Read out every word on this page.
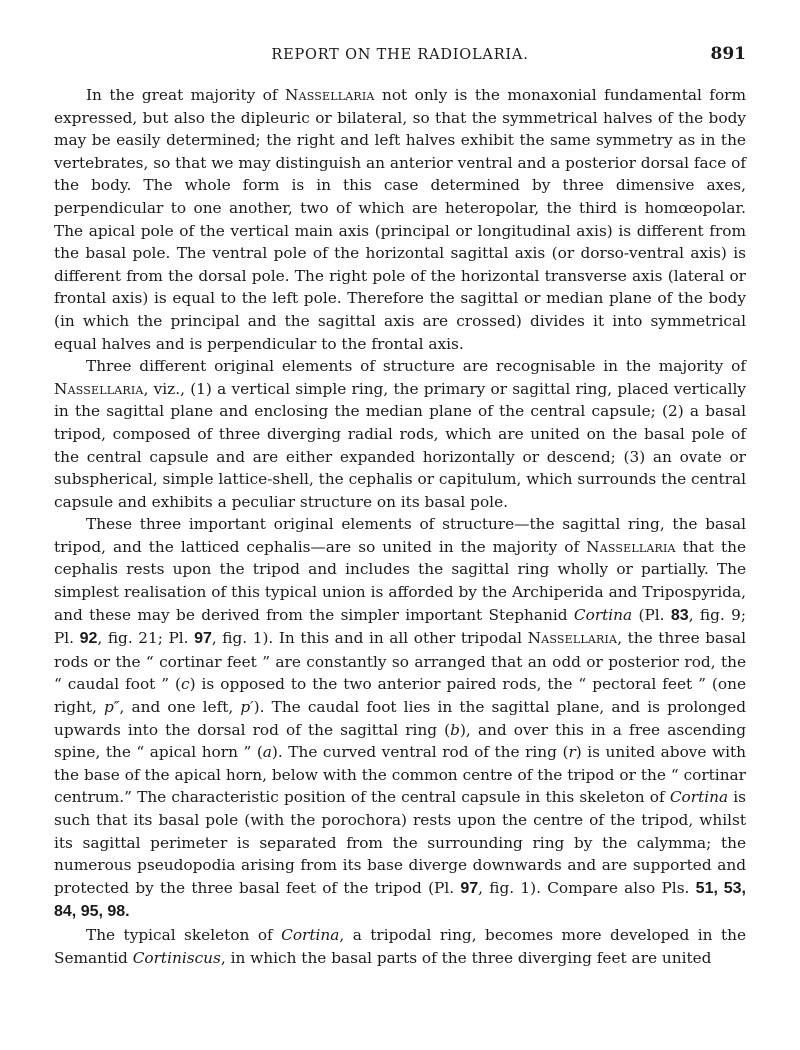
REPORT ON THE RADIOLARIA.	891

In the great majority of Nassellaria not only is the monaxonial fundamental form expressed, but also the dipleuric or bilateral, so that the symmetrical halves of the body may be easily determined; the right and left halves exhibit the same symmetry as in the vertebrates, so that we may distinguish an anterior ventral and a posterior dorsal face of the body. The whole form is in this case determined by three dimensive axes, perpendicular to one another, two of which are heteropolar, the third is homœopolar. The apical pole of the vertical main axis (principal or longitudinal axis) is different from the basal pole. The ventral pole of the horizontal sagittal axis (or dorso-ventral axis) is different from the dorsal pole. The right pole of the horizontal transverse axis (lateral or frontal axis) is equal to the left pole. Therefore the sagittal or median plane of the body (in which the principal and the sagittal axis are crossed) divides it into symmetrical equal halves and is perpendicular to the frontal axis.

Three different original elements of structure are recognisable in the majority of Nassellaria, viz., (1) a vertical simple ring, the primary or sagittal ring, placed vertically in the sagittal plane and enclosing the median plane of the central capsule; (2) a basal tripod, composed of three diverging radial rods, which are united on the basal pole of the central capsule and are either expanded horizontally or descend; (3) an ovate or subspherical, simple lattice-shell, the cephalis or capitulum, which surrounds the central capsule and exhibits a peculiar structure on its basal pole.

These three important original elements of structure—the sagittal ring, the basal tripod, and the latticed cephalis—are so united in the majority of Nassellaria that the cephalis rests upon the tripod and includes the sagittal ring wholly or partially. The simplest realisation of this typical union is afforded by the Archiperida and Tripospyrida, and these may be derived from the simpler important Stephanid Cortina (Pl. 83, fig. 9; Pl. 92, fig. 21; Pl. 97, fig. 1). In this and in all other tripodal Nassellaria, the three basal rods or the “ cortinar feet ” are constantly so arranged that an odd or posterior rod, the “ caudal foot ” (c) is opposed to the two anterior paired rods, the “ pectoral feet ” (one right, p″, and one left, p′). The caudal foot lies in the sagittal plane, and is prolonged upwards into the dorsal rod of the sagittal ring (b), and over this in a free ascending spine, the “ apical horn ” (a). The curved ventral rod of the ring (r) is united above with the base of the apical horn, below with the common centre of the tripod or the “ cortinar centrum.” The characteristic position of the central capsule in this skeleton of Cortina is such that its basal pole (with the porochora) rests upon the centre of the tripod, whilst its sagittal perimeter is separated from the surrounding ring by the calymma; the numerous pseudopodia arising from its base diverge downwards and are supported and protected by the three basal feet of the tripod (Pl. 97, fig. 1). Compare also Pls. 51, 53, 84, 95, 98.

The typical skeleton of Cortina, a tripodal ring, becomes more developed in the Semantid Cortiniscus, in which the basal parts of the three diverging feet are united
